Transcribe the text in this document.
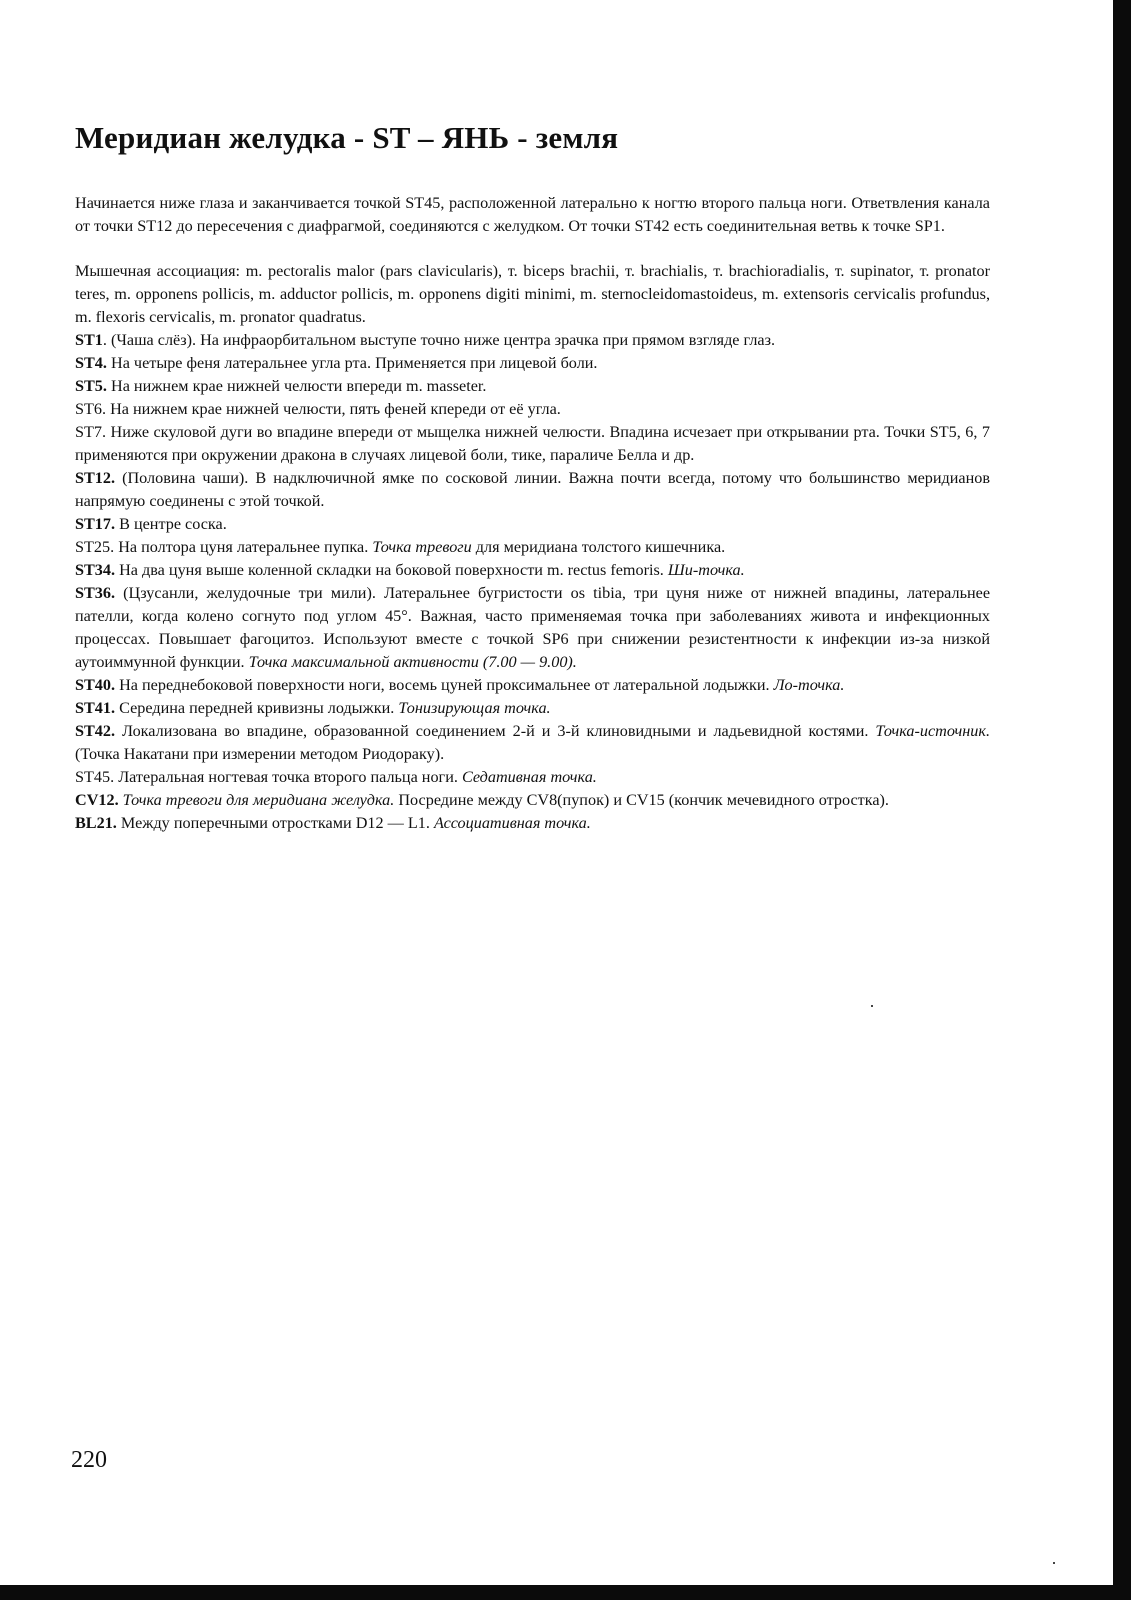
Меридиан желудка - ST – ЯНЬ - земля

Начинается ниже глаза и заканчивается точкой ST45, расположенной латерально к ногтю второго пальца ноги. Ответвления канала от точки ST12 до пересечения с диафрагмой, соединяются с желудком. От точки ST42 есть соединительная ветвь к точке SP1.

Мышечная ассоциация: m. pectoralis malor (pars clavicularis), т. biceps brachii, т. brachialis, т. brachioradialis, т. supinator, т. pronator teres, m. opponens pollicis, m. adductor pollicis, m. opponens digiti minimi, m. sternocleidomastoideus, m. extensoris cervicalis profundus, m. flexoris cervicalis, m. pronator quadratus.

ST1. (Чаша слёз). На инфраорбитальном выступе точно ниже центра зрачка при прямом взгляде глаз.

ST4. На четыре феня латеральнее угла рта. Применяется при лицевой боли.

ST5. На нижнем крае нижней челюсти впереди m. masseter.

ST6. На нижнем крае нижней челюсти, пять феней кпереди от её угла.

ST7. Ниже скуловой дуги во впадине впереди от мыщелка нижней челюсти. Впадина исчезает при открывании рта. Точки ST5, 6, 7 применяются при окружении дракона в случаях лицевой боли, тике, параличе Белла и др.

ST12. (Половина чаши). В надключичной ямке по сосковой линии. Важна почти всегда, потому что большинство меридианов напрямую соединены с этой точкой.

ST17. В центре соска.

ST25. На полтора цуня латеральнее пупка. Точка тревоги для меридиана толстого кишечника.

ST34. На два цуня выше коленной складки на боковой поверхности m. rectus femoris. Ши-точка.

ST36. (Цзусанли, желудочные три мили). Латеральнее бугристости os tibia, три цуня ниже от нижней впадины, латеральнее пателли, когда колено согнуто под углом 45°. Важная, часто применяемая точка при заболеваниях живота и инфекционных процессах. Повышает фагоцитоз. Используют вместе с точкой SP6 при снижении резистентности к инфекции из-за низкой аутоиммунной функции. Точка максимальной активности (7.00 — 9.00).

ST40. На переднебоковой поверхности ноги, восемь цуней проксимальнее от латеральной лодыжки. Ло-точка.

ST41. Середина передней кривизны лодыжки. Тонизирующая точка.

ST42. Локализована во впадине, образованной соединением 2-й и 3-й клиновидными и ладьевидной костями. Точка-источник. (Точка Накатани при измерении методом Риодораку).

ST45. Латеральная ногтевая точка второго пальца ноги. Седативная точка.

CV12. Точка тревоги для меридиана желудка. Посредине между CV8(пупок) и CV15 (кончик мечевидного отростка).

BL21. Между поперечными отростками D12 — L1. Ассоциативная точка.

220
